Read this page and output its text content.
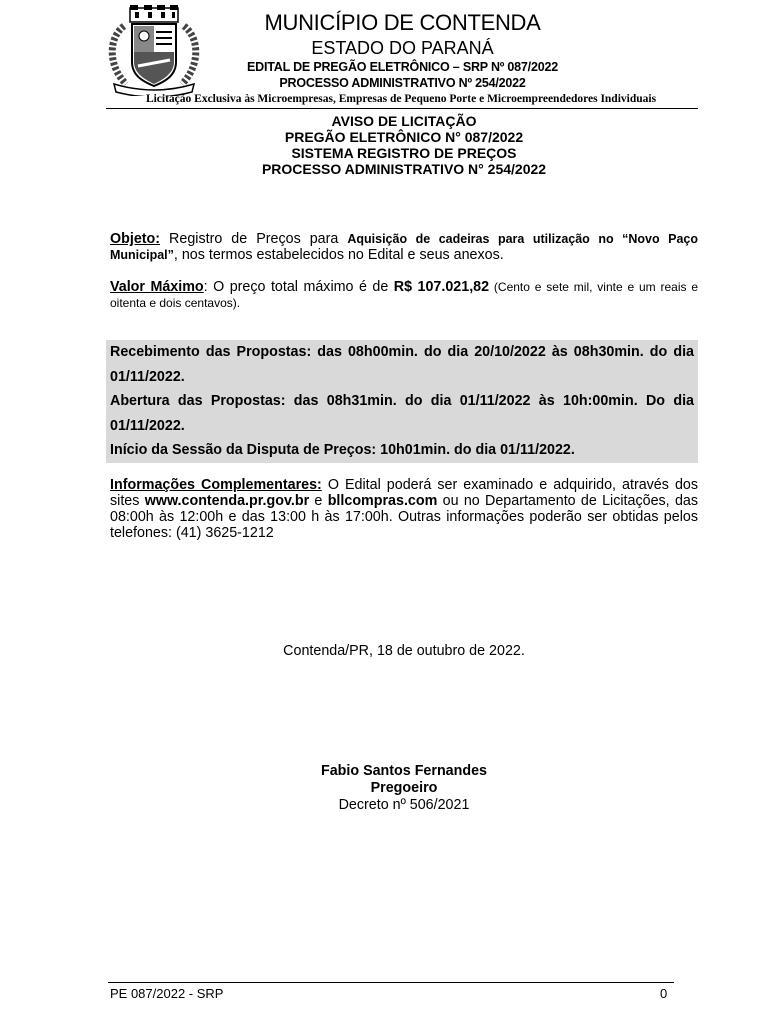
MUNICÍPIO DE CONTENDA
ESTADO DO PARANÁ
EDITAL DE PREGÃO ELETRÔNICO – SRP Nº 087/2022
PROCESSO ADMINISTRATIVO Nº 254/2022
Licitação Exclusiva às Microempresas, Empresas de Pequeno Porte e Microempreendedores Individuais
AVISO DE LICITAÇÃO
PREGÃO ELETRÔNICO N° 087/2022
SISTEMA REGISTRO DE PREÇOS
PROCESSO ADMINISTRATIVO N° 254/2022
Objeto: Registro de Preços para Aquisição de cadeiras para utilização no “Novo Paço Municipal”, nos termos estabelecidos no Edital e seus anexos.
Valor Máximo: O preço total máximo é de R$ 107.021,82 (Cento e sete mil, vinte e um reais e oitenta e dois centavos).

Recebimento das Propostas: das 08h00min. do dia 20/10/2022 às 08h30min. do dia 01/11/2022.

Abertura das Propostas: das 08h31min. do dia 01/11/2022 às 10h:00min. Do dia 01/11/2022.

Início da Sessão da Disputa de Preços: 10h01min. do dia 01/11/2022.

Informações Complementares: O Edital poderá ser examinado e adquirido, através dos sites www.contenda.pr.gov.br e bllcompras.com ou no Departamento de Licitações, das 08:00h às 12:00h e das 13:00 h às 17:00h. Outras informações poderão ser obtidas pelos telefones: (41) 3625-1212
Contenda/PR, 18 de outubro de 2022.
Fabio Santos Fernandes
Pregoeiro
Decreto nº 506/2021
PE 087/2022 - SRP	0
